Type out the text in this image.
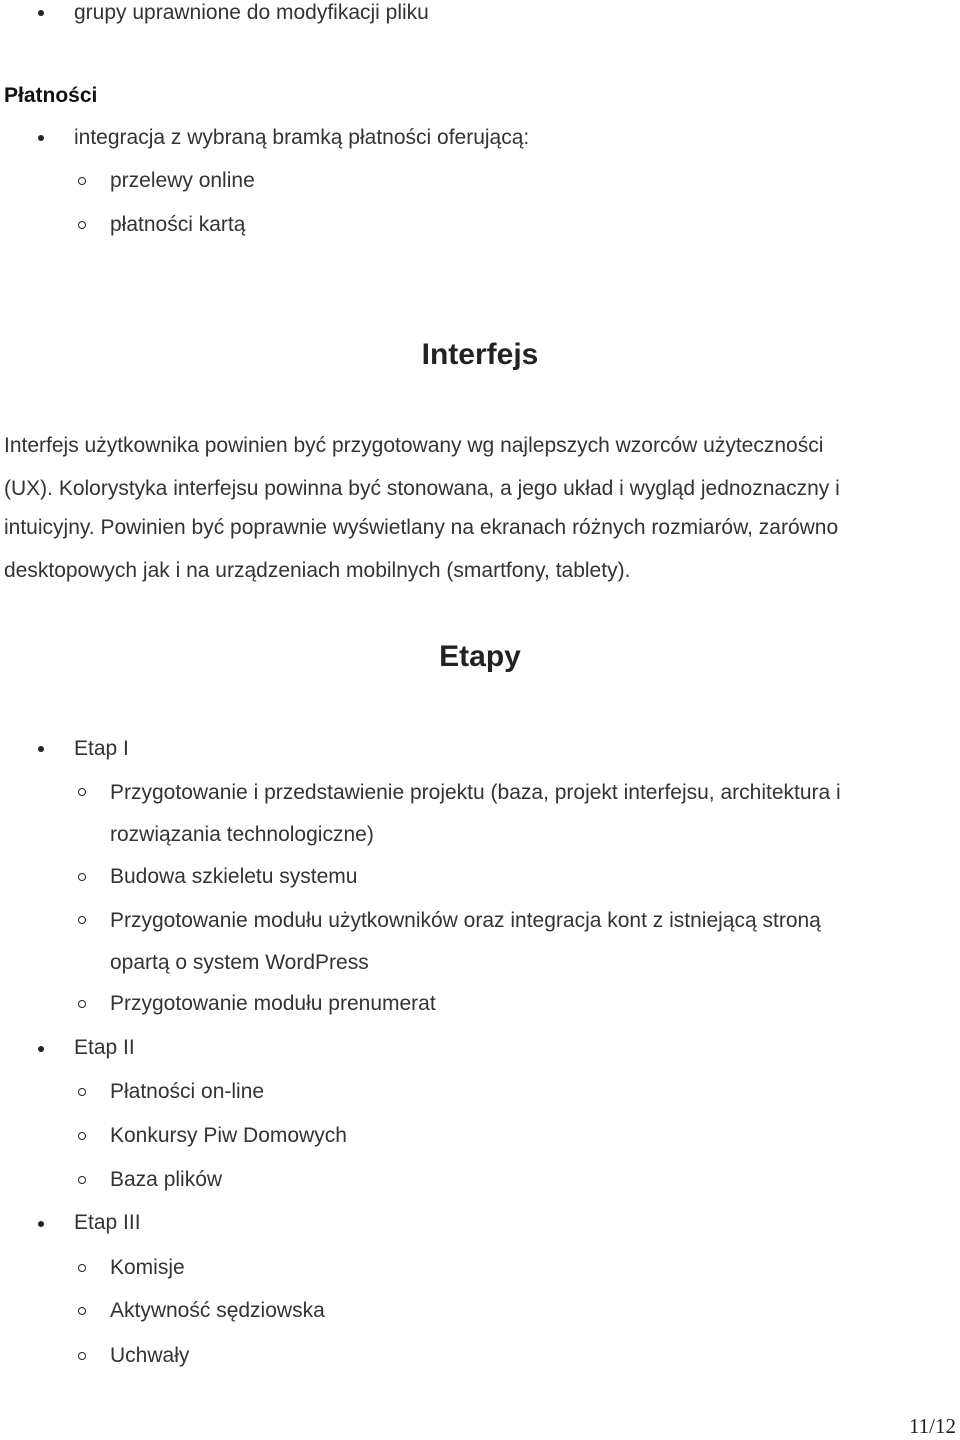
grupy uprawnione do modyfikacji pliku
Płatności
integracja z wybraną bramką płatności oferującą:
przelewy online
płatności kartą
Interfejs
Interfejs użytkownika powinien być przygotowany wg najlepszych wzorców użyteczności
(UX). Kolorystyka interfejsu powinna być stonowana, a jego układ i wygląd jednoznaczny i
intuicyjny. Powinien być poprawnie wyświetlany na ekranach różnych rozmiarów, zarówno
desktopowych jak i na urządzeniach mobilnych (smartfony, tablety).
Etapy
Etap I
Przygotowanie i przedstawienie projektu (baza, projekt interfejsu, architektura i
rozwiązania technologiczne)
Budowa szkieletu systemu
Przygotowanie modułu użytkowników oraz integracja kont z istniejącą stroną
opartą o system WordPress
Przygotowanie modułu prenumerat
Etap II
Płatności on-line
Konkursy Piw Domowych
Baza plików
Etap III
Komisje
Aktywność sędziowska
Uchwały
11/12
